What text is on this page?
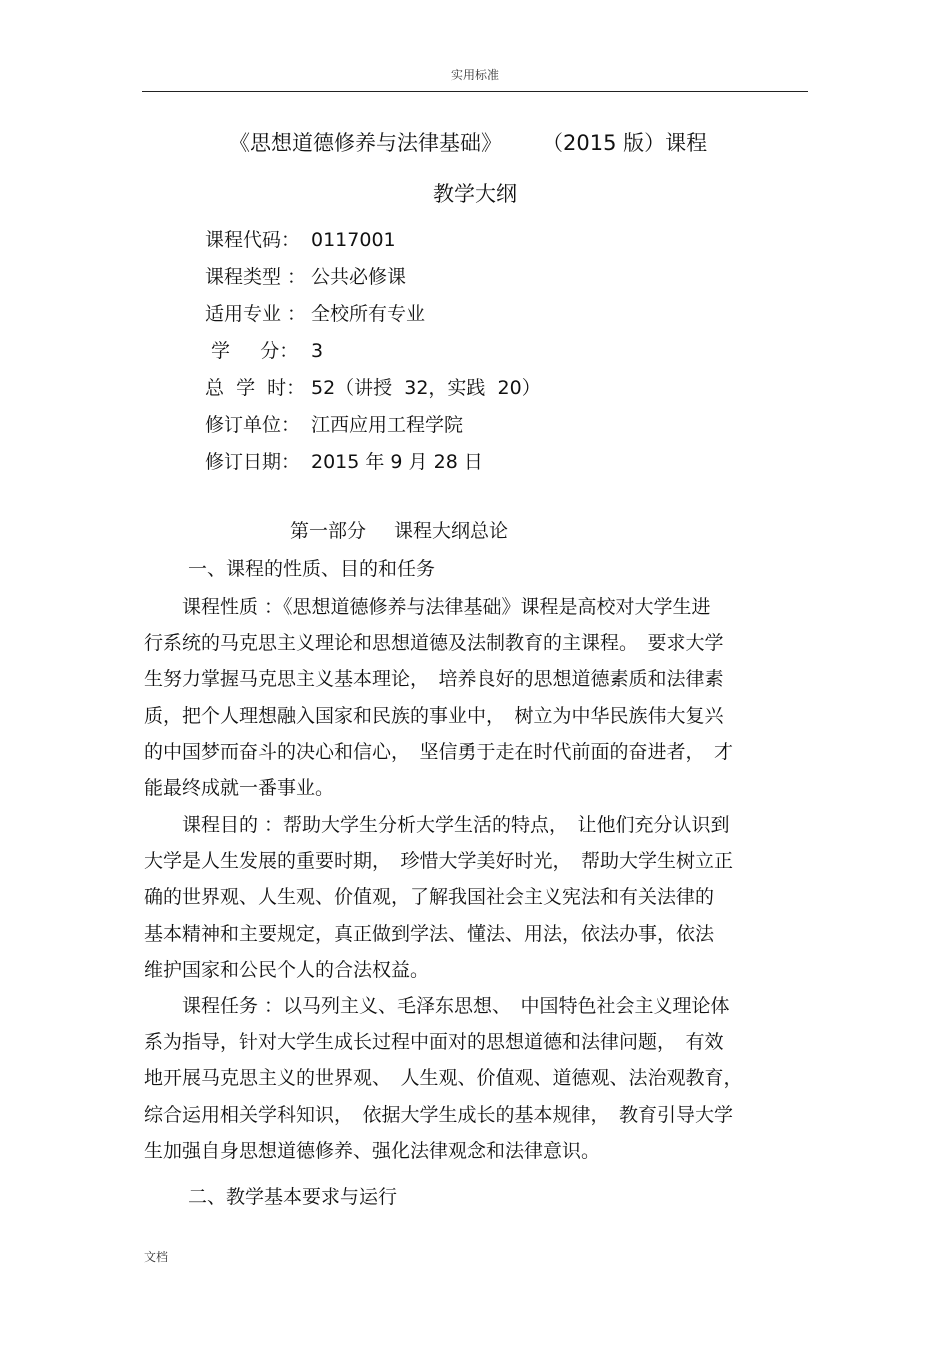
实用标准
《思想道德修养与法律基础》 （2015 版）课程
教学大纲
课程代码： 0117001
课程类型 ： 公共必修课
适用专业 ： 全校所有专业
学     分： 3
总  学  时： 52（讲授  32，实践  20）
修订单位： 江西应用工程学院
修订日期： 2015 年 9 月 28 日
第一部分 课程大纲总论
一、课程的性质、目的和任务
　　课程性质 ：《思想道德修养与法律基础》课程是高校对大学生进
行系统的马克思主义理论和思想道德及法制教育的主课程。　要求大学
生努力掌握马克思主义基本理论，　培养良好的思想道德素质和法律素
质，把个人理想融入国家和民族的事业中，　树立为中华民族伟大复兴
的中国梦而奋斗的决心和信心，　坚信勇于走在时代前面的奋进者，　才
能最终成就一番事业。
　　课程目的 ：帮助大学生分析大学生活的特点，　让他们充分认识到
大学是人生发展的重要时期，　珍惜大学美好时光，　帮助大学生树立正
确的世界观、人生观、价值观，了解我国社会主义宪法和有关法律的
基本精神和主要规定，真正做到学法、懂法、用法，依法办事，依法
维护国家和公民个人的合法权益。
　　课程任务 ：以马列主义、毛泽东思想、　中国特色社会主义理论体
系为指导，针对大学生成长过程中面对的思想道德和法律问题，　有效
地开展马克思主义的世界观、　人生观、价值观、道德观、法治观教育，
综合运用相关学科知识，　依据大学生成长的基本规律，　教育引导大学
生加强自身思想道德修养、强化法律观念和法律意识。
二、教学基本要求与运行
文档
